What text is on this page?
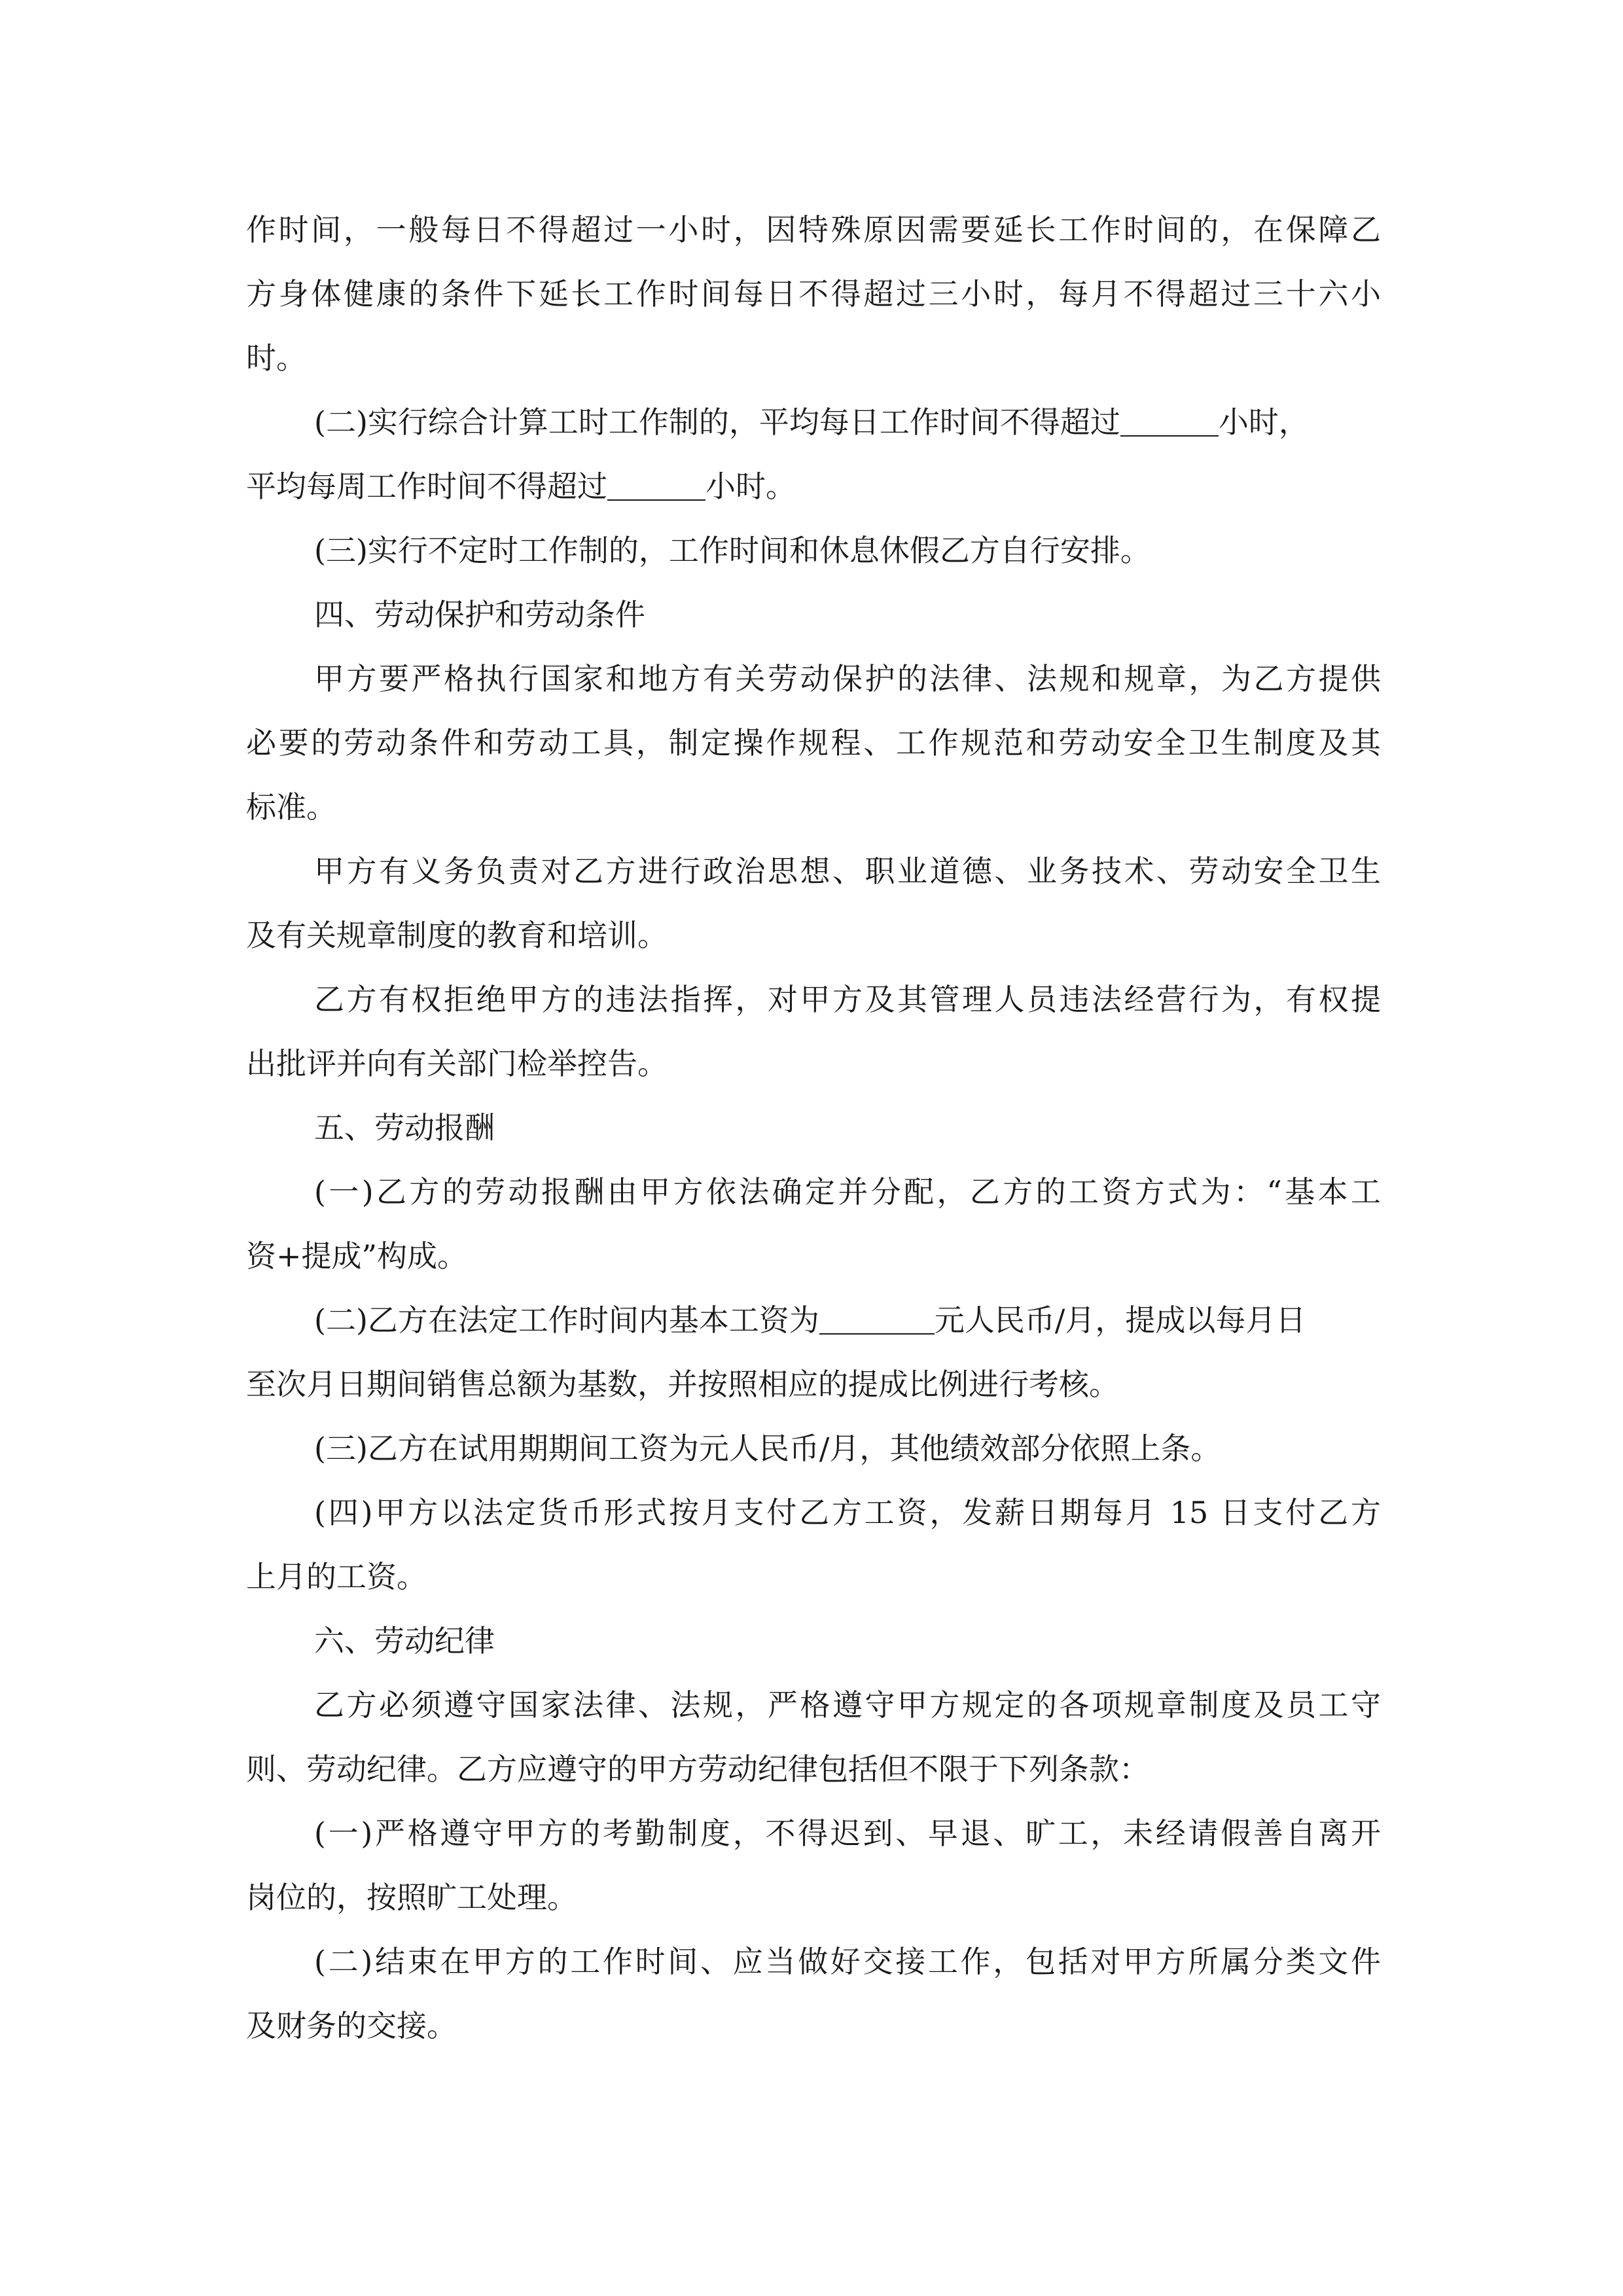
作时间，一般每日不得超过一小时，因特殊原因需要延长工作时间的，在保障乙
方身体健康的条件下延长工作时间每日不得超过三小时，每月不得超过三十六小
时。
(二)实行综合计算工时工作制的，平均每日工作时间不得超过	小时，
平均每周工作时间不得超过	小时。
(三)实行不定时工作制的，工作时间和休息休假乙方自行安排。
四、劳动保护和劳动条件
甲方要严格执行国家和地方有关劳动保护的法律、法规和规章，为乙方提供
必要的劳动条件和劳动工具，制定操作规程、工作规范和劳动安全卫生制度及其
标准。
甲方有义务负责对乙方进行政治思想、职业道德、业务技术、劳动安全卫生
及有关规章制度的教育和培训。
乙方有权拒绝甲方的违法指挥，对甲方及其管理人员违法经营行为，有权提
出批评并向有关部门检举控告。
五、劳动报酬
(一)乙方的劳动报酬由甲方依法确定并分配，乙方的工资方式为：“基本工
资+提成”构成。
(二)乙方在法定工作时间内基本工资为	元人民币/月，提成以每月日
至次月日期间销售总额为基数，并按照相应的提成比例进行考核。
(三)乙方在试用期期间工资为元人民币/月，其他绩效部分依照上条。
(四)甲方以法定货币形式按月支付乙方工资，发薪日期每月 15 日支付乙方
上月的工资。
六、劳动纪律
乙方必须遵守国家法律、法规，严格遵守甲方规定的各项规章制度及员工守
则、劳动纪律。乙方应遵守的甲方劳动纪律包括但不限于下列条款：
(一)严格遵守甲方的考勤制度，不得迟到、早退、旷工，未经请假善自离开
岗位的，按照旷工处理。
(二)结束在甲方的工作时间、应当做好交接工作，包括对甲方所属分类文件
及财务的交接。
